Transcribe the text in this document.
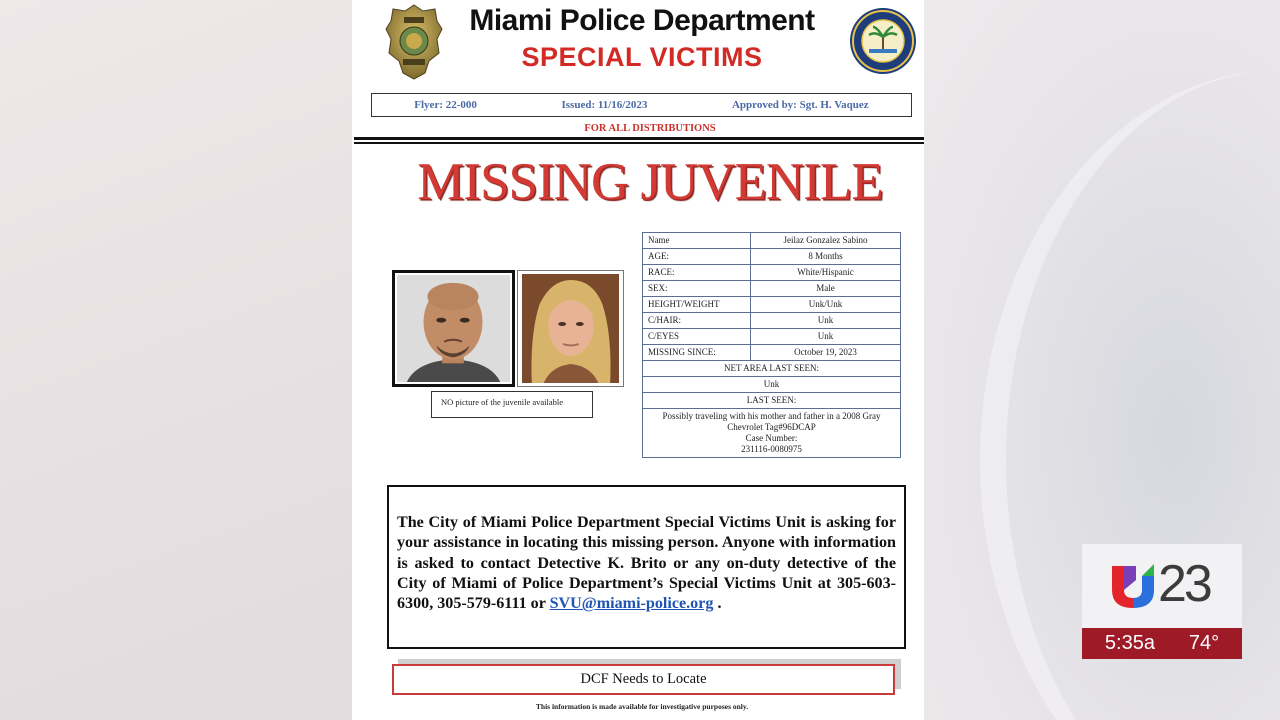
Miami Police Department
SPECIAL VICTIMS
Flyer: 22-000	Issued: 11/16/2023	Approved by: Sgt. H. Vaquez
FOR ALL DISTRIBUTIONS
MISSING JUVENILE
NO picture of the juvenile available
Name	Jeilaz Gonzalez Sabino
AGE:	8 Months
RACE:	White/Hispanic
SEX:	Male
HEIGHT/WEIGHT	Unk/Unk
C/HAIR:	Unk
C/EYES	Unk
MISSING SINCE:	October 19, 2023
NET AREA LAST SEEN:	
Unk	
LAST SEEN:	

Possibly traveling with his mother and father in a 2008 Gray
Chevrolet Tag#96DCAP
Case Number:
231116-0080975	
The City of Miami Police Department Special Victims Unit is asking for your assistance in locating this missing person. Anyone with information is asked to contact Detective K. Brito or any on-duty detective of the City of Miami of Police Department’s Special Victims Unit at 305-603-6300, 305-579-6111 or SVU@miami-police.org .
DCF Needs to Locate
This information is made available for investigative purposes only.
23
5:35a 74°
